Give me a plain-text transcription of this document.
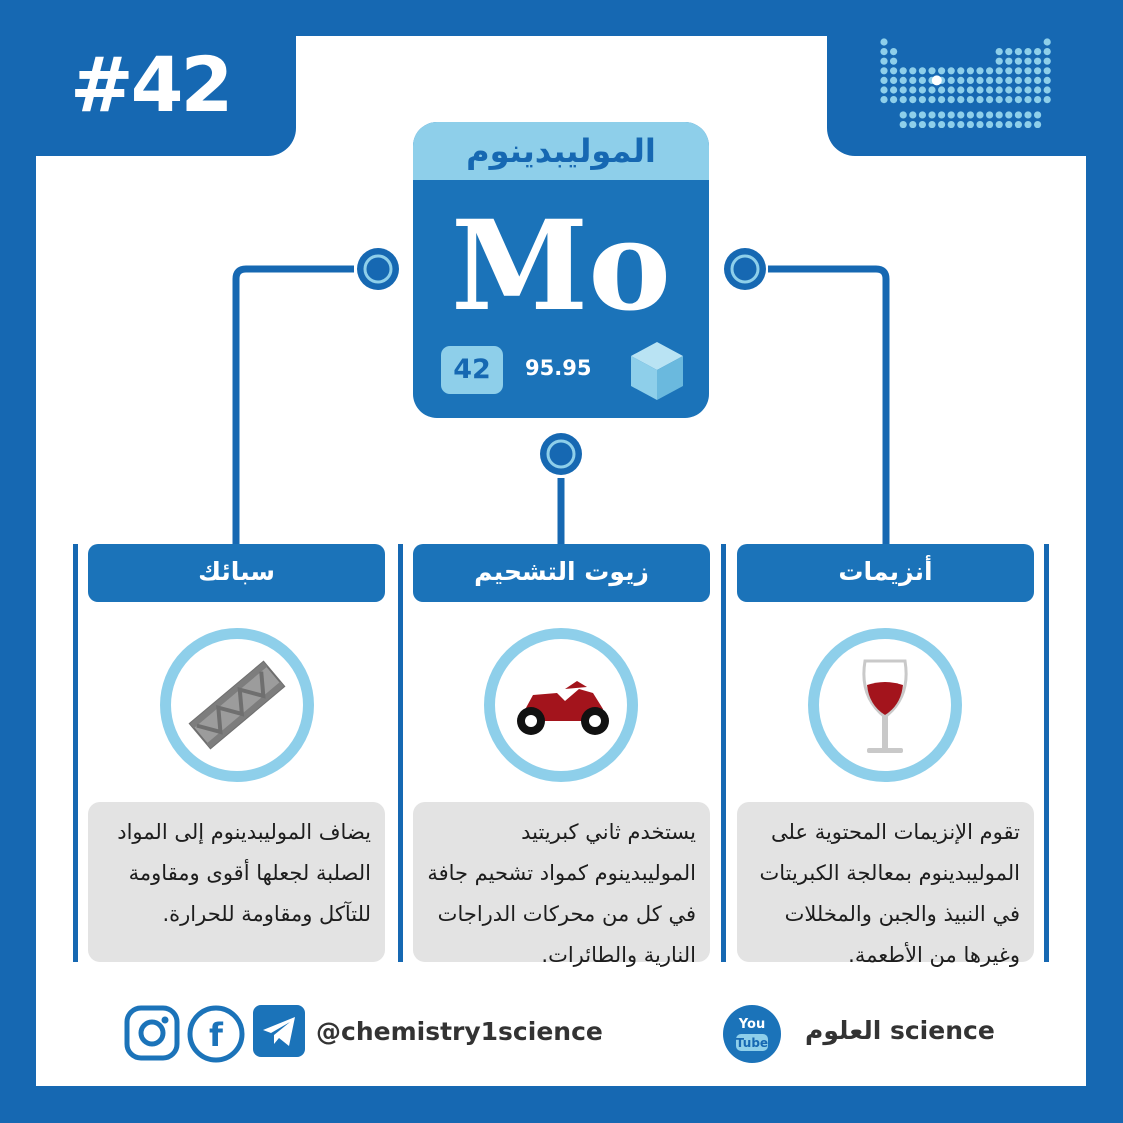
#42
الموليبدينوم
Mo
42	95.95
سبائك
يضاف الموليبدينوم إلى المواد الصلبة لجعلها أقوى ومقاومة للتآكل ومقاومة للحرارة.
زيوت التشحيم
يستخدم ثاني كبريتيد الموليبدينوم كمواد تشحيم جافة في كل من محركات الدراجات النارية والطائرات.
أنزيمات
تقوم الإنزيمات المحتوية على الموليبدينوم بمعالجة الكبريتات في النبيذ والجبن والمخللات وغيرها من الأطعمة.
f	@chemistry1science	You
Tube العلوم science
